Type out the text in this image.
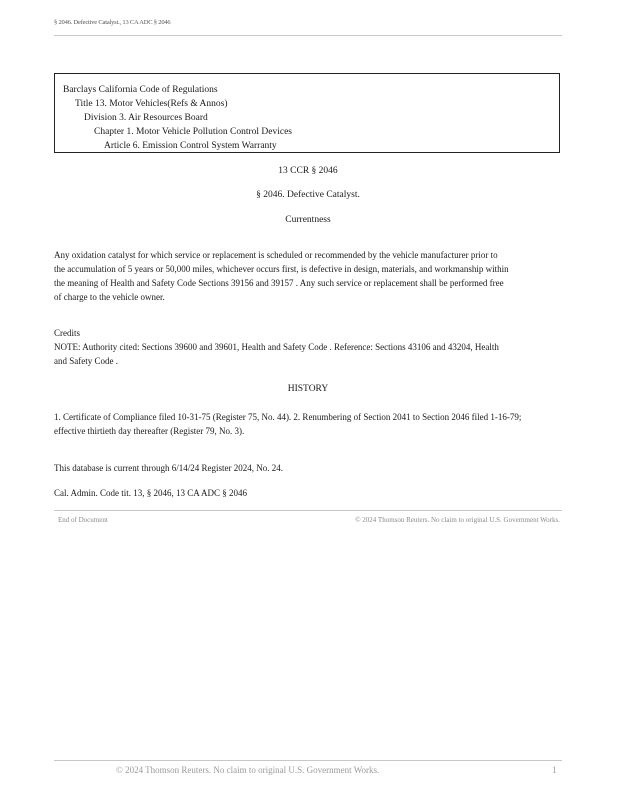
§ 2046. Defective Catalyst., 13 CA ADC § 2046
Barclays California Code of Regulations
Title 13. Motor Vehicles(Refs & Annos)
Division 3. Air Resources Board
Chapter 1. Motor Vehicle Pollution Control Devices
Article 6. Emission Control System Warranty
13 CCR § 2046
§ 2046. Defective Catalyst.
Currentness

Any oxidation catalyst for which service or replacement is scheduled or recommended by the vehicle manufacturer prior to

the accumulation of 5 years or 50,000 miles, whichever occurs first, is defective in design, materials, and workmanship within

the meaning of Health and Safety Code Sections 39156 and 39157 . Any such service or replacement shall be performed free

of charge to the vehicle owner.

Credits

NOTE: Authority cited: Sections 39600 and 39601, Health and Safety Code . Reference: Sections 43106 and 43204, Health

and Safety Code .

HISTORY

1. Certificate of Compliance filed 10-31-75 (Register 75, No. 44). 2. Renumbering of Section 2041 to Section 2046 filed 1-16-79;

effective thirtieth day thereafter (Register 79, No. 3).

This database is current through 6/14/24 Register 2024, No. 24.
Cal. Admin. Code tit. 13, § 2046, 13 CA ADC § 2046
End of Document	© 2024 Thomson Reuters. No claim to original U.S. Government Works.
© 2024 Thomson Reuters. No claim to original U.S. Government Works.	1
